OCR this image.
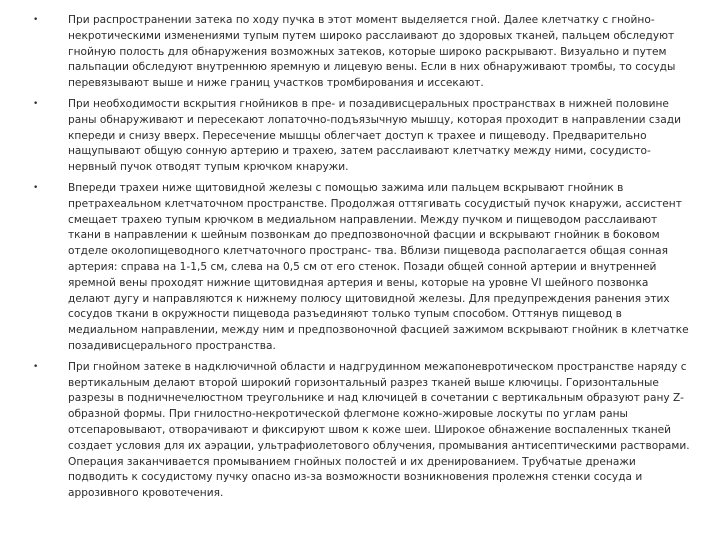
•	При распространении затека по ходу пучка в этот момент выделяется гной. Далее клетчатку с гнойно-некротическими изменениями тупым путем широко расслаивают до здоровых тканей, пальцем обследуют гнойную полость для обнаружения возможных затеков, которые широко раскрывают. Визуально и путем пальпации обследуют внутреннюю яремную и лицевую вены. Если в них обнаруживают тромбы, то сосуды перевязывают выше и ниже границ участков тромбирования и иссекают.
•	При необходимости вскрытия гнойников в пре- и позадивисцеральных пространствах в нижней половине раны обнаруживают и пересекают лопаточно-подъязычную мышцу, которая проходит в направлении сзади кпереди и снизу вверх. Пересечение мышцы облегчает доступ к трахее и пищеводу. Предварительно нащупывают общую сонную артерию и трахею, затем расслаивают клетчатку между ними, сосудисто-нервный пучок отводят тупым крючком кнаружи.
•	Впереди трахеи ниже щитовидной железы с помощью зажима или пальцем вскрывают гнойник в претрахеальном клетчаточном пространстве. Продолжая оттягивать сосудистый пучок кнаружи, ассистент смещает трахею тупым крючком в медиальном направлении. Между пучком и пищеводом расслаивают ткани в направлении к шейным позвонкам до предпозвоночной фасции и вскрывают гнойник в боковом отделе околопищеводного клетчаточного пространс- тва. Вблизи пищевода располагается общая сонная артерия: справа на 1-1,5 см, слева на 0,5 см от его стенок. Позади общей сонной артерии и внутренней яремной вены проходят нижние щитовидная артерия и вены, которые на уровне VI шейного позвонка делают дугу и направляются к нижнему полюсу щитовидной железы. Для предупреждения ранения этих сосудов ткани в окружности пищевода разъединяют только тупым способом. Оттянув пищевод в медиальном направлении, между ним и предпозвоночной фасцией зажимом вскрывают гнойник в клетчатке позадивисцерального пространства.
•	При гнойном затеке в надключичной области и надгрудинном межапоневротическом пространстве наряду с вертикальным делают второй широкий горизонтальный разрез тканей выше ключицы. Горизонтальные разрезы в подничнечелюстном треугольнике и над ключицей в сочетании с вертикальным образуют рану Z-образной формы. При гнилостно-некротической флегмоне кожно-жировые лоскуты по углам раны отсепаровывают, отворачивают и фиксируют швом к коже шеи. Широкое обнажение воспаленных тканей создает условия для их аэрации, ультрафиолетового облучения, промывания антисептическими растворами. Операция заканчивается промыванием гнойных полостей и их дренированием. Трубчатые дренажи подводить к сосудистому пучку опасно из-за возможности возникновения пролежня стенки сосуда и аррозивного кровотечения.
